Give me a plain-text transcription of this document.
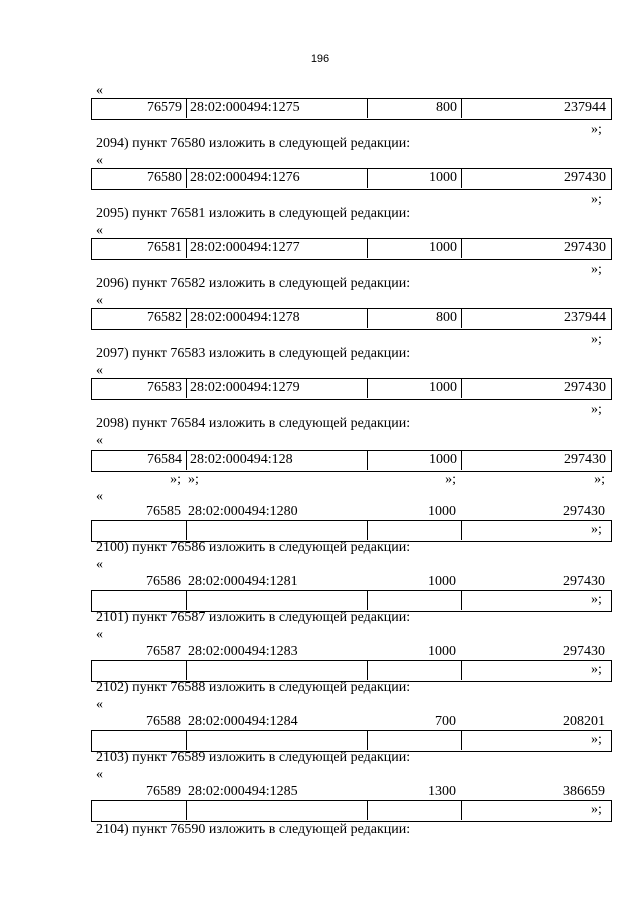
196
«
76579 28:02:000494:1275	800	237944
»;
2094) пункт 76580 изложить в следующей редакции:
«
76580 28:02:000494:1276	1000	297430
»;
2095) пункт 76581 изложить в следующей редакции:
«
76581 28:02:000494:1277	1000	297430
»;
2096) пункт 76582 изложить в следующей редакции:
«
76582 28:02:000494:1278	800	237944
»;
2097) пункт 76583 изложить в следующей редакции:
«
76583 28:02:000494:1279	1000	297430
»;
2098) пункт 76584 изложить в следующей редакции:
«
76584 28:02:000494:128	1000	297430
»; »;	»;	»;
«
76585 28:02:000494:1280	1000	297430
»;
2100) пункт 76586 изложить в следующей редакции:
«
76586 28:02:000494:1281	1000	297430
»;
2101) пункт 76587 изложить в следующей редакции:
«
76587 28:02:000494:1283	1000	297430
»;
2102) пункт 76588 изложить в следующей редакции:
«
76588 28:02:000494:1284	700	208201
»;
2103) пункт 76589 изложить в следующей редакции:
«
76589 28:02:000494:1285	1300	386659
»;
2104) пункт 76590 изложить в следующей редакции:
